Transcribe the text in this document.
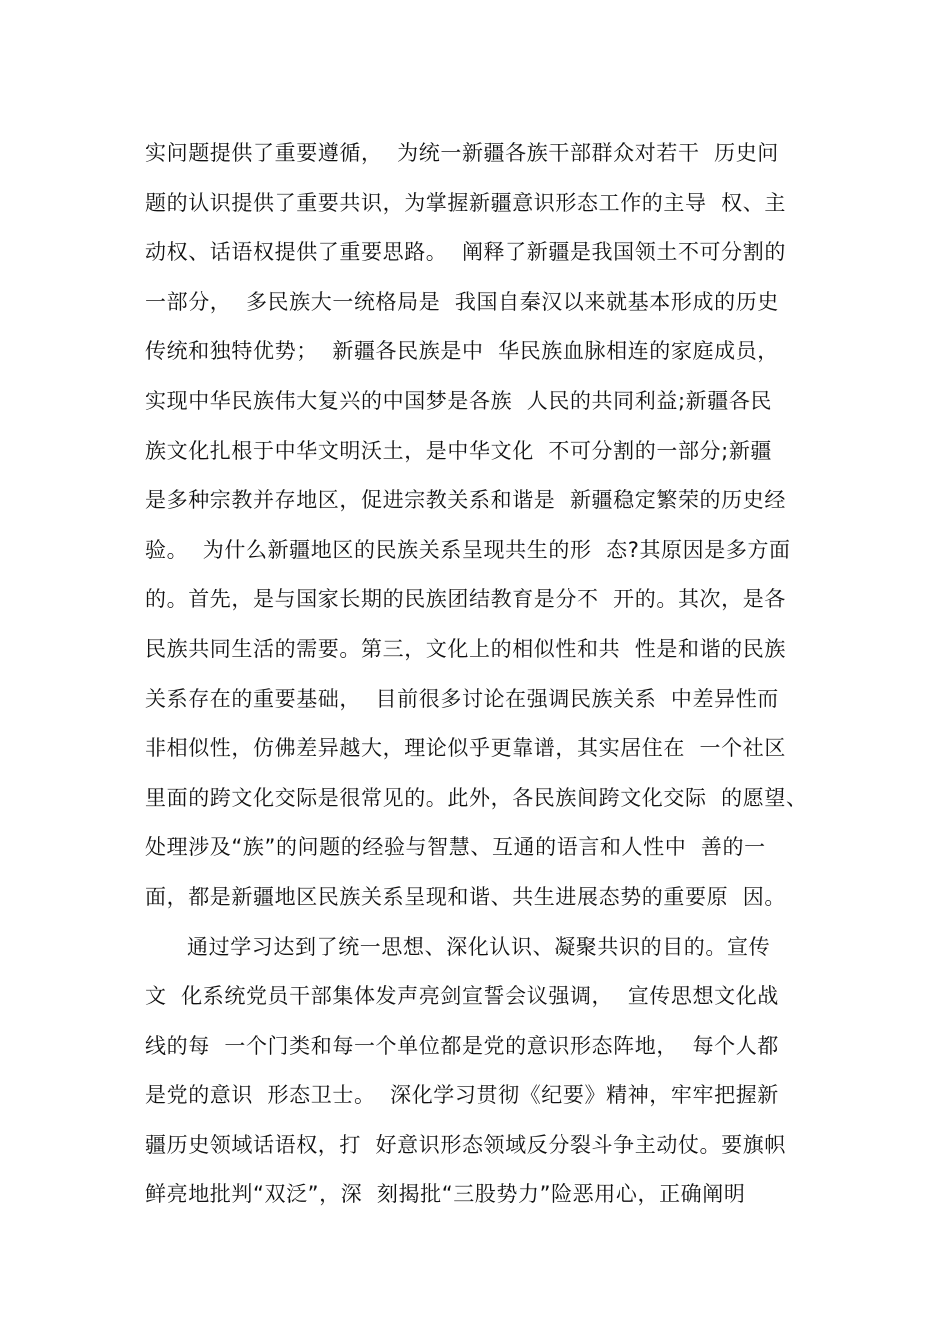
实问题提供了重要遵循，  为统一新疆各族干部群众对若干  历史问
题的认识提供了重要共识，为掌握新疆意识形态工作的主导  权、主
动权、话语权提供了重要思路。  阐释了新疆是我国领土不可分割的
一部分，  多民族大一统格局是  我国自秦汉以来就基本形成的历史
传统和独特优势；  新疆各民族是中  华民族血脉相连的家庭成员，
实现中华民族伟大复兴的中国梦是各族  人民的共同利益;新疆各民
族文化扎根于中华文明沃土，是中华文化  不可分割的一部分;新疆
是多种宗教并存地区，促进宗教关系和谐是  新疆稳定繁荣的历史经
验。  为什么新疆地区的民族关系呈现共生的形  态?其原因是多方面
的。首先，是与国家长期的民族团结教育是分不  开的。其次，是各
民族共同生活的需要。第三，文化上的相似性和共  性是和谐的民族
关系存在的重要基础，  目前很多讨论在强调民族关系  中差异性而
非相似性，仿佛差异越大，理论似乎更靠谱，其实居住在  一个社区
里面的跨文化交际是很常见的。此外，各民族间跨文化交际  的愿望、
处理涉及“族”的问题的经验与智慧、互通的语言和人性中  善的一
面，都是新疆地区民族关系呈现和谐、共生进展态势的重要原  因。
通过学习达到了统一思想、深化认识、凝聚共识的目的。宣传
文  化系统党员干部集体发声亮剑宣誓会议强调，  宣传思想文化战
线的每  一个门类和每一个单位都是党的意识形态阵地，  每个人都
是党的意识  形态卫士。  深化学习贯彻《纪要》精神，牢牢把握新
疆历史领域话语权，打  好意识形态领域反分裂斗争主动仗。要旗帜
鲜亮地批判“双泛”，深  刻揭批“三股势力”险恶用心，正确阐明
